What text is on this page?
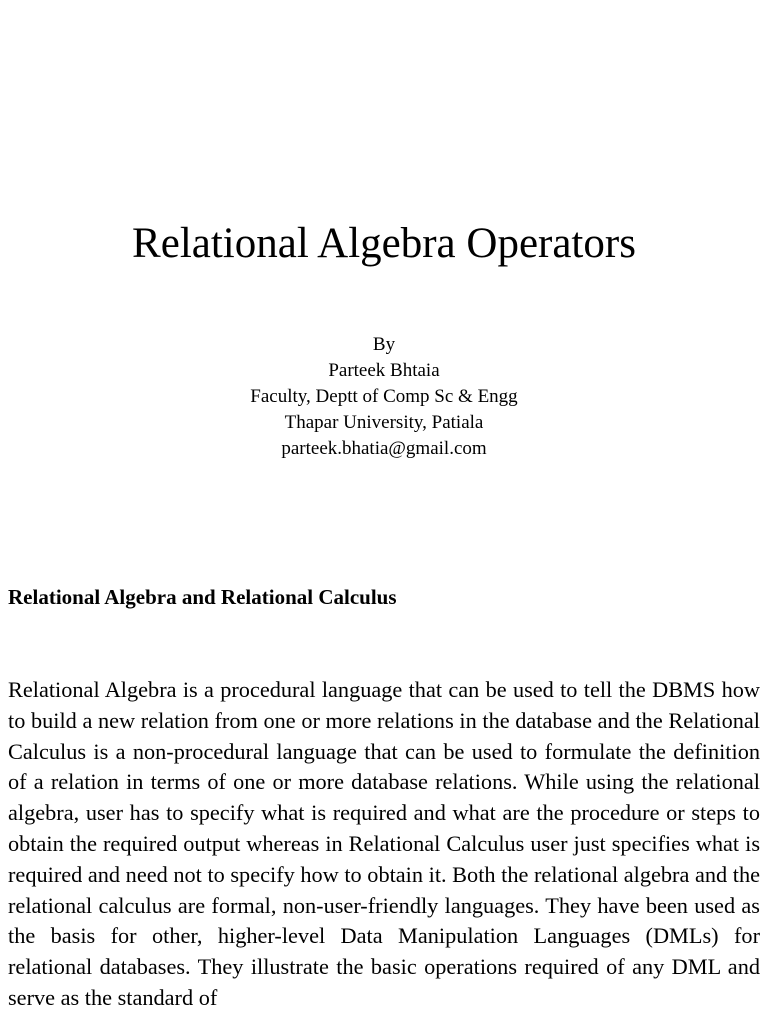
Relational Algebra Operators
By
Parteek Bhtaia
Faculty, Deptt of Comp Sc & Engg
Thapar University, Patiala
parteek.bhatia@gmail.com
Relational Algebra and Relational Calculus

Relational Algebra is a procedural language that can be used to tell the DBMS how to build a new relation from one or more relations in the database and the Relational Calculus is a non-procedural language that can be used to formulate the definition of a relation in terms of one or more database relations. While using the relational algebra, user has to specify what is required and what are the procedure or steps to obtain the required output whereas in Relational Calculus user just specifies what is required and need not to specify how to obtain it. Both the relational algebra and the relational calculus are formal, non-user-friendly languages. They have been used as the basis for other, higher-level Data Manipulation Languages (DMLs) for relational databases. They illustrate the basic operations required of any DML and serve as the standard of
